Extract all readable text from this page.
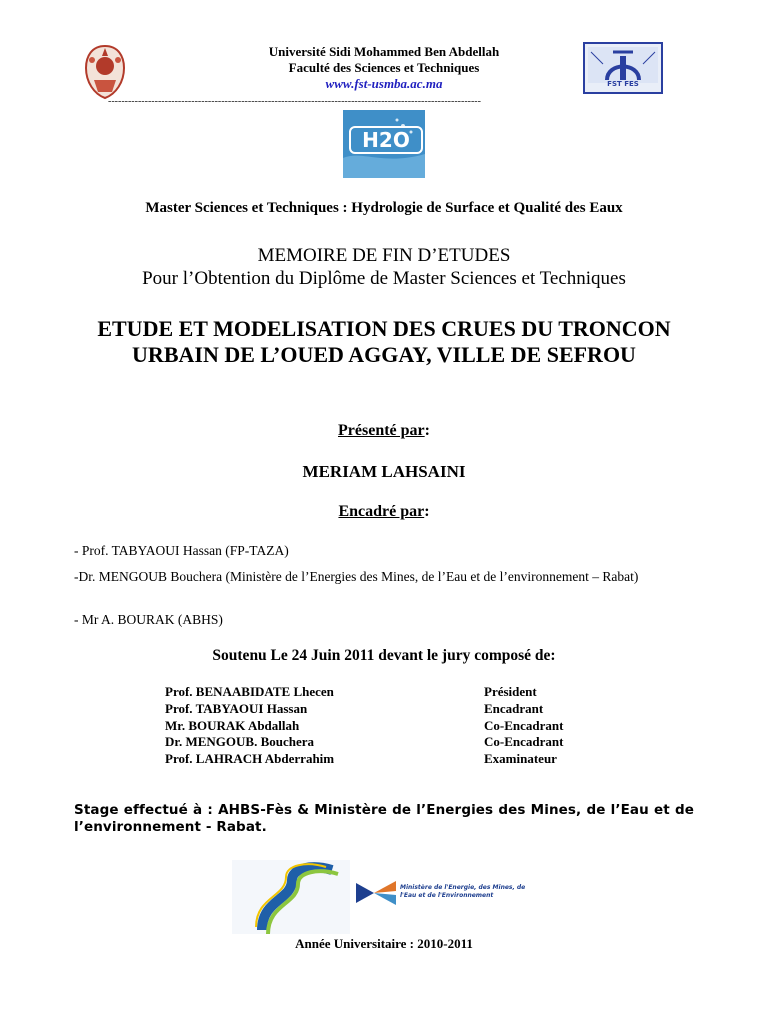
Université Sidi Mohammed Ben Abdellah
Faculté des Sciences et Techniques
www.fst-usmba.ac.ma	FST FES
----------------------------------------------------------------------------------------------------------------
H2O
Master Sciences et Techniques : Hydrologie de Surface et Qualité des Eaux
MEMOIRE DE FIN D’ETUDES
Pour l’Obtention du Diplôme de Master Sciences et Techniques
ETUDE ET MODELISATION DES CRUES DU TRONCON URBAIN DE L’OUED AGGAY, VILLE DE SEFROU
Présenté par:
MERIAM LAHSAINI
Encadré par:
- Prof. TABYAOUI Hassan (FP-TAZA)
-Dr. MENGOUB Bouchera (Ministère de l’Energies des Mines, de l’Eau et de l’environnement – Rabat)
- Mr A. BOURAK (ABHS)
Soutenu Le 24 Juin 2011 devant le jury composé de:
Prof. BENAABIDATE Lhecen	Président
Prof. TABYAOUI Hassan	Encadrant
Mr. BOURAK Abdallah	Co-Encadrant
Dr. MENGOUB. Bouchera	Co-Encadrant
Prof. LAHRACH Abderrahim	Examinateur
Stage effectué à : AHBS-Fès & Ministère de l’Energies des Mines, de l’Eau et de l’environnement - Rabat.
Ministère de l'Energie, des Mines, de l'Eau et de l'Environnement
Année Universitaire : 2010-2011
